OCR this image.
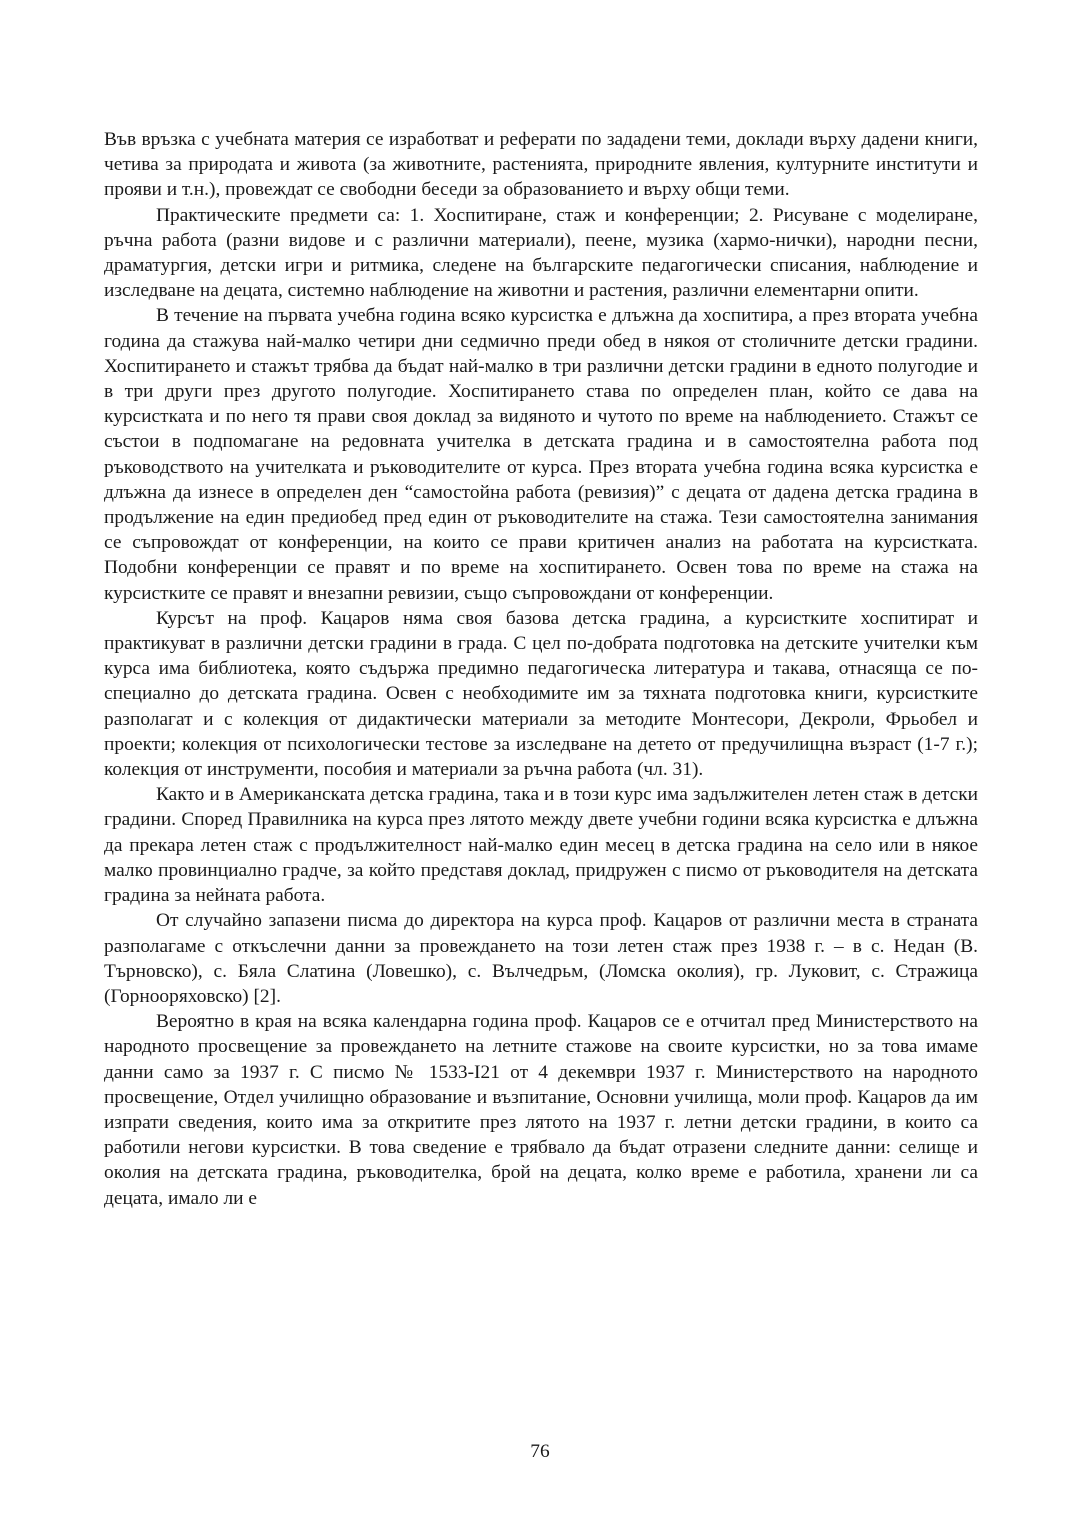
Във връзка с учебната материя се изработват и реферати по зададени теми, доклади върху дадени книги, четива за природата и живота (за животните, растенията, природните явления, културните институти и прояви и т.н.), провеждат се свободни беседи за образованието и върху общи теми.

Практическите предмети са: 1. Хоспитиране, стаж и конференции; 2. Рисуване с моделиране, ръчна работа (разни видове и с различни материали), пеене, музика (хармо-нички), народни песни, драматургия, детски игри и ритмика, следене на българските педагогически списания, наблюдение и изследване на децата, системно наблюдение на животни и растения, различни елементарни опити.

В течение на първата учебна година всяко курсистка е длъжна да хоспитира, а през втората учебна година да стажува най-малко четири дни седмично преди обед в някоя от столичните детски градини. Хоспитирането и стажът трябва да бъдат най-малко в три различни детски градини в едното полугодие и в три други през другото полугодие. Хоспитирането става по определен план, който се дава на курсистката и по него тя прави своя доклад за видяното и чутото по време на наблюдението. Стажът се състои в подпомагане на редовната учителка в детската градина и в самостоятелна работа под ръководството на учителката и ръководителите от курса. През втората учебна година всяка курсистка е длъжна да изнесе в определен ден “самостойна работа (ревизия)” с децата от дадена детска градина в продължение на един предиобед пред един от ръководителите на стажа. Тези самостоятелна занимания се съпровождат от конференции, на които се прави критичен анализ на работата на курсистката. Подобни конференции се правят и по време на хоспитирането. Освен това по време на стажа на курсистките се правят и внезапни ревизии, също съпровождани от конференции.

Курсът на проф. Кацаров няма своя базова детска градина, а курсистките хоспитират и практикуват в различни детски градини в града. С цел по-добрата подготовка на детските учителки към курса има библиотека, която съдържа предимно педагогическа литература и такава, отнасяща се по-специално до детската градина. Освен с необходимите им за тяхната подготовка книги, курсистките разполагат и с колекция от дидактически материали за методите Монтесори, Декроли, Фрьобел и проекти; колекция от психологически тестове за изследване на детето от предучилищна възраст (1-7 г.); колекция от инструменти, пособия и материали за ръчна работа (чл. 31).

Както и в Американската детска градина, така и в този курс има задължителен летен стаж в детски градини. Според Правилника на курса през лятото между двете учебни години всяка курсистка е длъжна да прекара летен стаж с продължителност най-малко един месец в детска градина на село или в някое малко провинциално градче, за който представя доклад, придружен с писмо от ръководителя на детската градина за нейната работа.

От случайно запазени писма до директора на курса проф. Кацаров от различни места в страната разполагаме с откъслечни данни за провеждането на този летен стаж през 1938 г. – в с. Недан (В. Търновско), с. Бяла Слатина (Ловешко), с. Вълчедрьм, (Ломска околия), гр. Луковит, с. Стражица (Горнооряховско) [2].

Вероятно в края на всяка календарна година проф. Кацаров се е отчитал пред Министерството на народното просвещение за провеждането на летните стажове на своите курсистки, но за това имаме данни само за 1937 г. С писмо № 1533-I21 от 4 декември 1937 г. Министерството на народното просвещение, Отдел училищно образование и възпитание, Основни училища, моли проф. Кацаров да им изпрати сведения, които има за откритите през лятото на 1937 г. летни детски градини, в които са работили негови курсистки. В това сведение е трябвало да бъдат отразени следните данни: селище и околия на детската градина, ръководителка, брой на децата, колко време е работила, хранени ли са децата, имало ли е

76
